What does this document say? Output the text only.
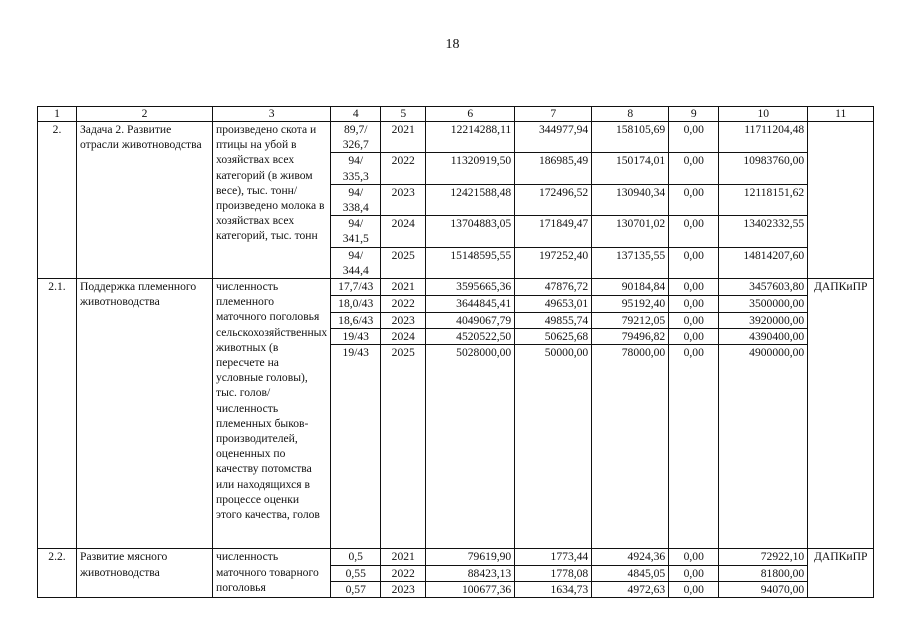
18
1	2	3	4	5	6	7	8	9	10	11
2.	Задача 2. Развитие отрасли животноводства	произведено скота и птицы на убой в хозяйствах всех категорий (в живом весе), тыс. тонн/ произведено молока в хозяйствах всех категорий, тыс. тонн	89,7/ 326,7	2021	12214288,11	344977,94	158105,69	0,00	11711204,48	
			94/ 335,3	2022	11320919,50	186985,49	150174,01	0,00	10983760,00	
			94/ 338,4	2023	12421588,48	172496,52	130940,34	0,00	12118151,62	
			94/ 341,5	2024	13704883,05	171849,47	130701,02	0,00	13402332,55	
			94/ 344,4	2025	15148595,55	197252,40	137135,55	0,00	14814207,60	
2.1.	Поддержка племенного животноводства	численность племенного маточного поголовья сельскохозяйственных животных (в пересчете на условные головы), тыс. голов/ численность племенных быков-производителей, оцененных по качеству потомства или находящихся в процессе оценки этого качества, голов	17,7/43	2021	3595665,36	47876,72	90184,84	0,00	3457603,80	ДАПКиПР
			18,0/43	2022	3644845,41	49653,01	95192,40	0,00	3500000,00	
			18,6/43	2023	4049067,79	49855,74	79212,05	0,00	3920000,00	
			19/43	2024	4520522,50	50625,68	79496,82	0,00	4390400,00	
			19/43	2025	5028000,00	50000,00	78000,00	0,00	4900000,00	
2.2.	Развитие мясного животноводства	численность маточного товарного поголовья	0,5	2021	79619,90	1773,44	4924,36	0,00	72922,10	ДАПКиПР
			0,55	2022	88423,13	1778,08	4845,05	0,00	81800,00	
			0,57	2023	100677,36	1634,73	4972,63	0,00	94070,00	
